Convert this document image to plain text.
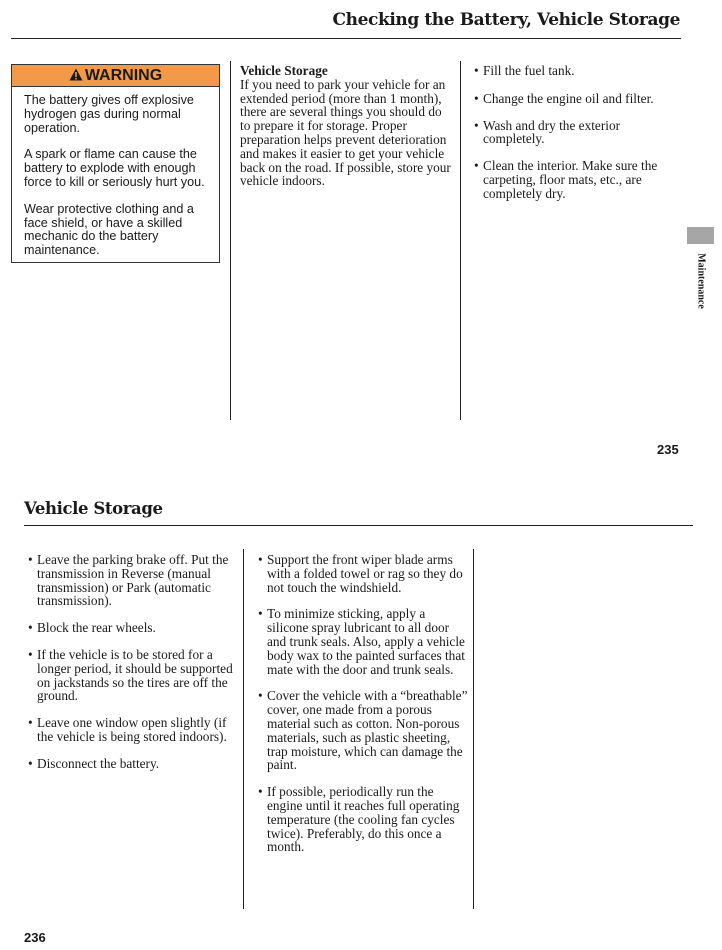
Checking the Battery, Vehicle Storage
WARNING

The battery gives off explosive hydrogen gas during normal operation.

A spark or flame can cause the battery to explode with enough force to kill or seriously hurt you.

Wear protective clothing and a face shield, or have a skilled mechanic do the battery maintenance.

Vehicle Storage

If you need to park your vehicle for an extended period (more than 1 month), there are several things you should do to prepare it for storage. Proper preparation helps prevent deterioration and makes it easier to get your vehicle back on the road. If possible, store your vehicle indoors.

• Fill the fuel tank.
• Change the engine oil and filter.
• Wash and dry the exterior completely.
• Clean the interior. Make sure the carpeting, floor mats, etc., are completely dry.
Maintenance
235
Vehicle Storage
• Leave the parking brake off. Put the transmission in Reverse (manual transmission) or Park (automatic transmission).
• Block the rear wheels.
• If the vehicle is to be stored for a longer period, it should be supported on jackstands so the tires are off the ground.
• Leave one window open slightly (if the vehicle is being stored indoors).
• Disconnect the battery.
• Support the front wiper blade arms with a folded towel or rag so they do not touch the windshield.
• To minimize sticking, apply a silicone spray lubricant to all door and trunk seals. Also, apply a vehicle body wax to the painted surfaces that mate with the door and trunk seals.
• Cover the vehicle with a “breathable” cover, one made from a porous material such as cotton. Non-porous materials, such as plastic sheeting, trap moisture, which can damage the paint.
• If possible, periodically run the engine until it reaches full operating temperature (the cooling fan cycles twice). Preferably, do this once a month.
236
